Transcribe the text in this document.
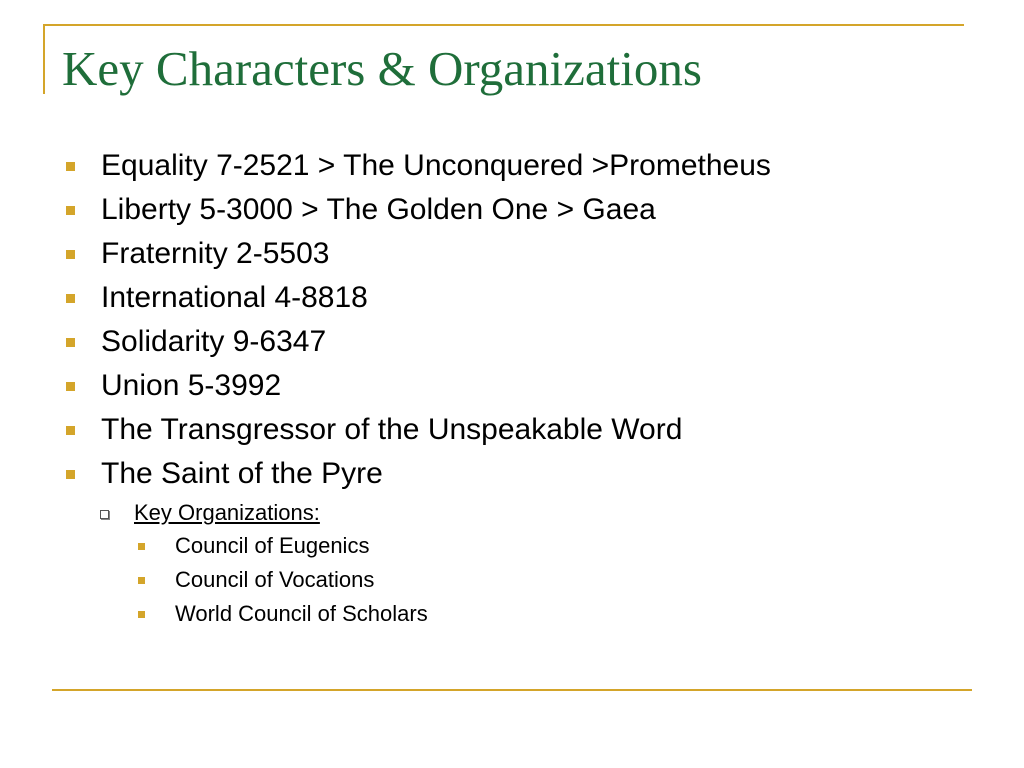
Key Characters & Organizations
Equality 7-2521 > The Unconquered >Prometheus
Liberty 5-3000 > The Golden One > Gaea
Fraternity 2-5503
International 4-8818
Solidarity 9-6347
Union 5-3992
The Transgressor of the Unspeakable Word
The Saint of the Pyre
Key Organizations:
Council of Eugenics
Council of Vocations
World Council of Scholars
